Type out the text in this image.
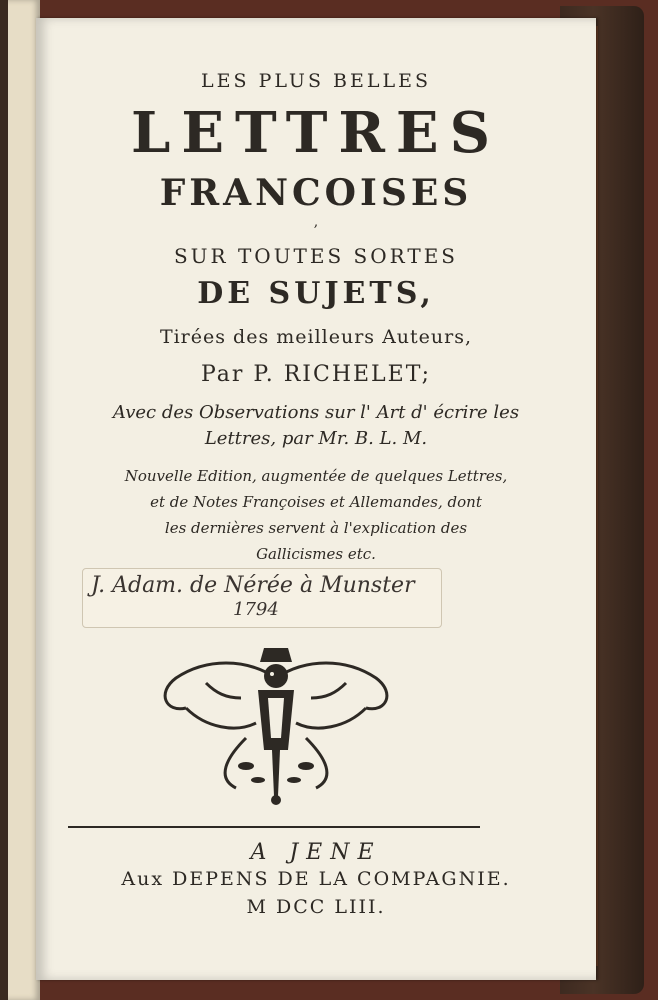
LES PLUS BELLES
LETTRES
FRANCOISES
,
SUR TOUTES SORTES
DE SUJETS,
Tirées des meilleurs Auteurs,
Par P. RICHELET;
Avec des Observations sur l' Art d' écrire les
Lettres, par Mr. B. L. M.
Nouvelle Edition, augmentée de quelques Lettres,
et de Notes Françoises et Allemandes, dont
les dernières servent à l'explication des
Gallicismes etc.
J. Adam. de Nérée à Munster
1794
A JENE
Aux DEPENS DE LA COMPAGNIE.
M DCC LIII.
